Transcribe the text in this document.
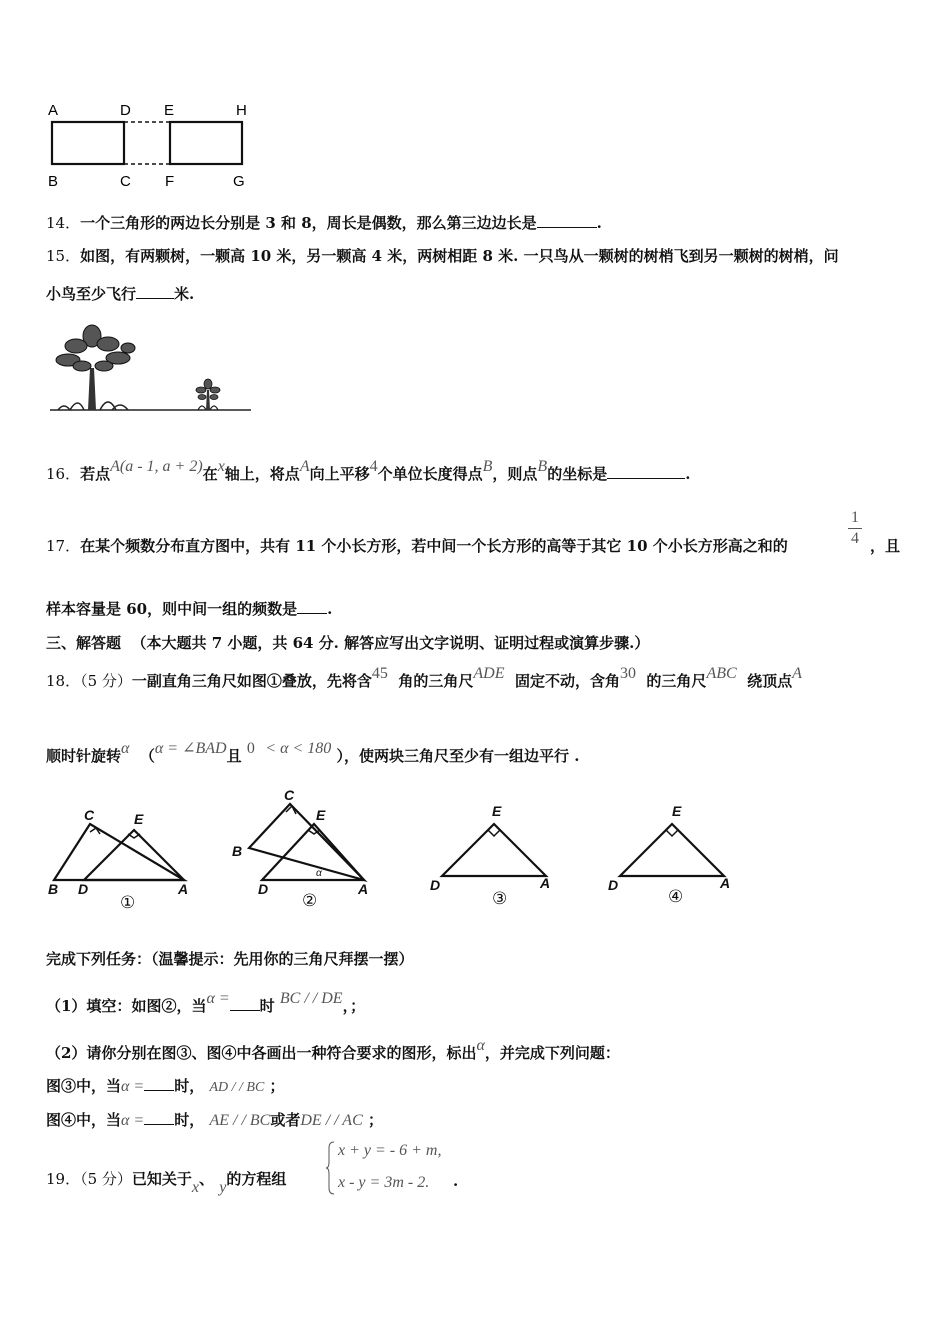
A	D E	H
B	C F	G
14．一个三角形的两边长分别是 3 和 8，周长是偶数，那么第三边边长是	.
15．如图，有两颗树，一颗高 10 米，另一颗高 4 米，两树相距 8 米. 一只鸟从一颗树的树梢飞到另一颗树的树梢，问
小鸟至少飞行	米.
16．若点A(a - 1, a + 2)在x轴上，将点A向上平移4个单位长度得点B，则点B的坐标是	.
17．在某个频数分布直方图中，共有 11 个小长方形，若中间一个长方形的高等于其它 10 个小长方形高之和的
1
4 ，且
样本容量是 60，则中间一组的频数是 .
三、解答题 （本大题共 7 小题，共 64 分. 解答应写出文字说明、证明过程或演算步骤.）
18．（5 分）一副直角三角尺如图①叠放，先将含45 角的三角尺ADE 固定不动，含角30 的三角尺ABC 绕顶点A
顺时针旋转α （α = ∠BAD且 0 < α < 180 ），使两块三角尺至少有一组边平行 .
C	E
B D	A
C
E
B
D	A
E
D	A
E
D	A
α
①	②	③	④
完成下列任务：（温馨提示：先用你的三角尺拜摆一摆）
（1）填空：如图②，当α = 时 BC / / DE，；
（2）请你分别在图③、图④中各画出一种符合要求的图形，标出α，并完成下列问题：
图③中，当α = 时， AD / / BC ；
图④中，当α = 时， AE / / BC或者DE / / AC ；
19．（5 分）已知关于x、 y的方程组
x + y = - 6 + m,
x - y = 3m - 2. ·
